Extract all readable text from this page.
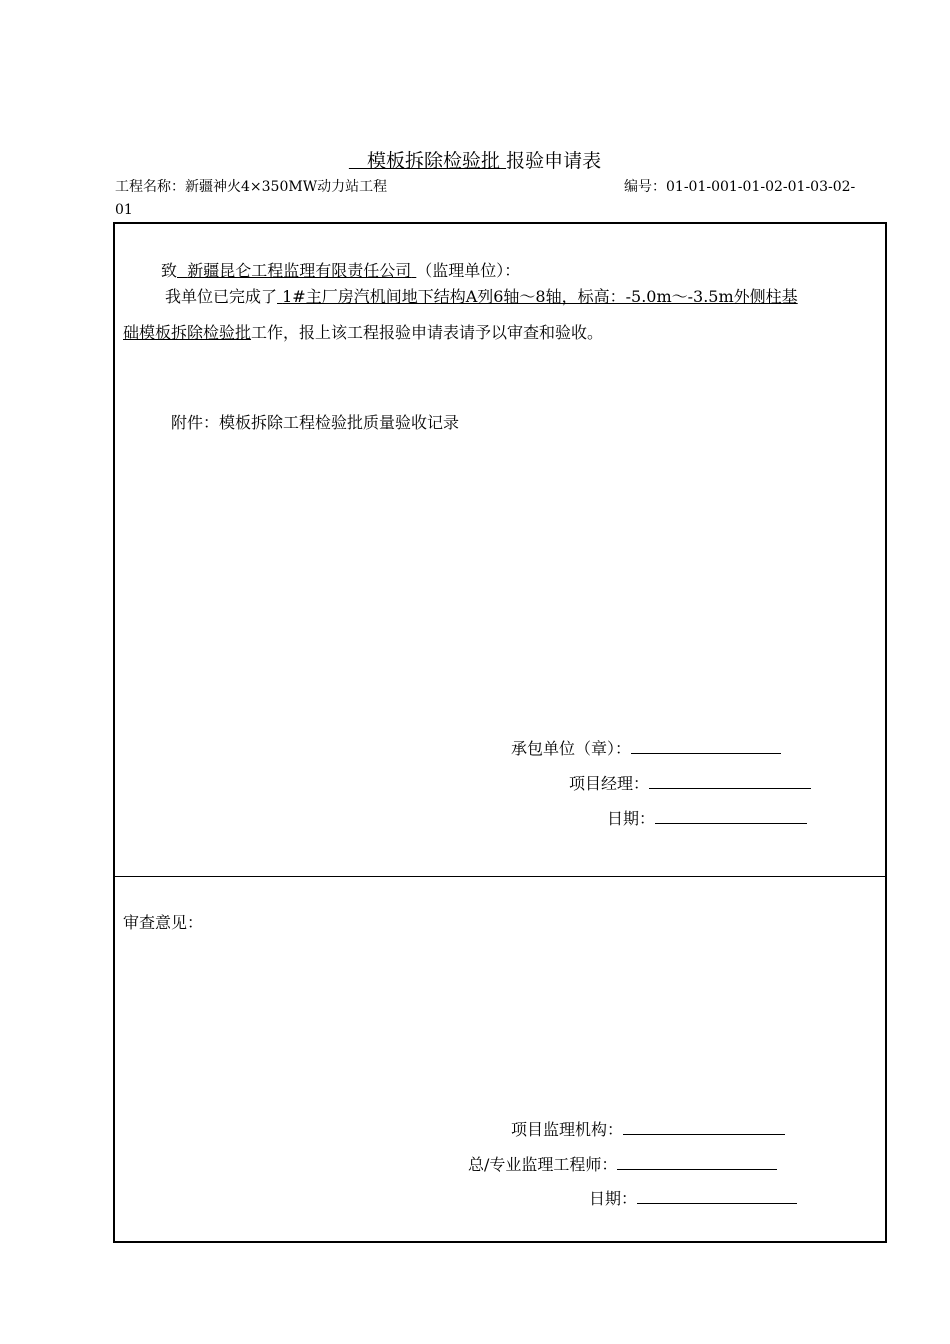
模板拆除检验批 报验申请表
工程名称：新疆神火4×350MW动力站工程	编号：01-01-001-01-02-01-03-02-
01
致 新疆昆仑工程监理有限责任公司 （监理单位）：
我单位已完成了 1#主厂房汽机间地下结构A列6轴～8轴，标高：-5.0m～-3.5m外侧柱基
础模板拆除检验批工作，报上该工程报验申请表请予以审查和验收。
附件：模板拆除工程检验批质量验收记录
承包单位（章）：
项目经理：
日期：
审查意见：
项目监理机构：
总/专业监理工程师：
日期：
